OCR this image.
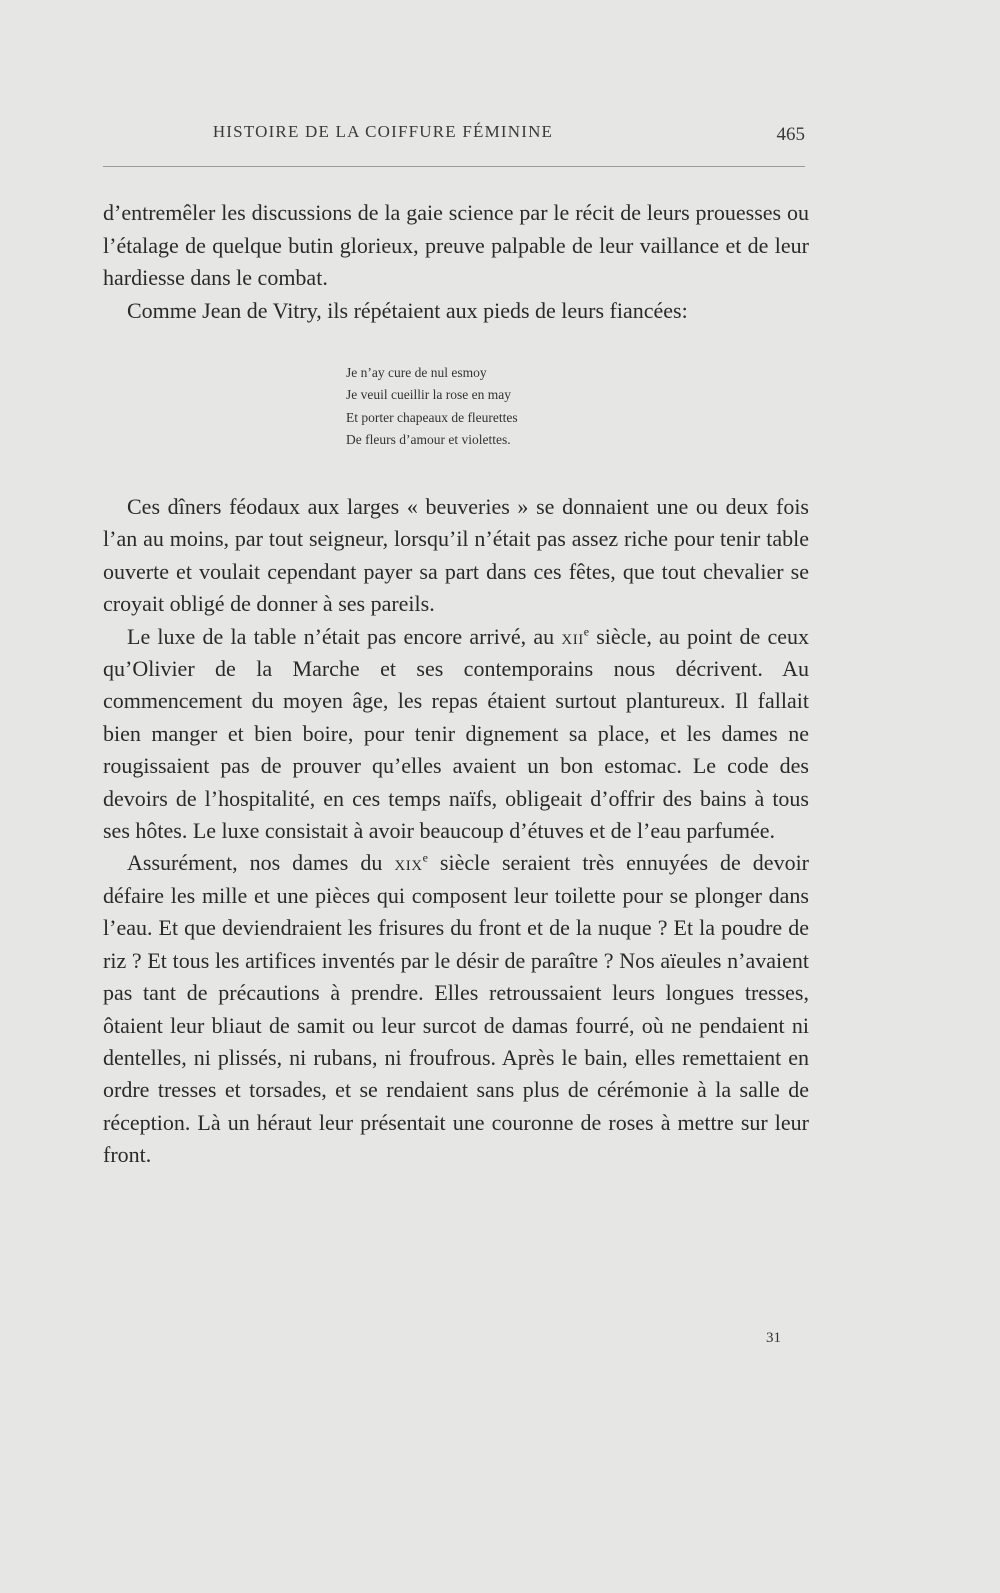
HISTOIRE DE LA COIFFURE FÉMININE	465

d’entremêler les discussions de la gaie science par le récit de leurs prouesses ou l’étalage de quelque butin glorieux, preuve palpable de leur vaillance et de leur hardiesse dans le combat.

Comme Jean de Vitry, ils répétaient aux pieds de leurs fiancées:

Je n’ay cure de nul esmoy
Je veuil cueillir la rose en may
Et porter chapeaux de fleurettes
De fleurs d’amour et violettes.

Ces dîners féodaux aux larges « beuveries » se donnaient une ou deux fois l’an au moins, par tout seigneur, lorsqu’il n’était pas assez riche pour tenir table ouverte et voulait cependant payer sa part dans ces fêtes, que tout chevalier se croyait obligé de donner à ses pareils.

Le luxe de la table n’était pas encore arrivé, au xii$^e$ siècle, au point de ceux qu’Olivier de la Marche et ses contemporains nous décrivent. Au commencement du moyen âge, les repas étaient surtout plantureux. Il fallait bien manger et bien boire, pour tenir dignement sa place, et les dames ne rougissaient pas de prouver qu’elles avaient un bon estomac. Le code des devoirs de l’hospitalité, en ces temps naïfs, obligeait d’offrir des bains à tous ses hôtes. Le luxe consistait à avoir beaucoup d’étuves et de l’eau parfumée.

Assurément, nos dames du xix$^e$ siècle seraient très ennuyées de devoir défaire les mille et une pièces qui composent leur toilette pour se plonger dans l’eau. Et que deviendraient les frisures du front et de la nuque ? Et la poudre de riz ? Et tous les artifices inventés par le désir de paraître ? Nos aïeules n’avaient pas tant de précautions à prendre. Elles retroussaient leurs longues tresses, ôtaient leur bliaut de samit ou leur surcot de damas fourré, où ne pendaient ni dentelles, ni plissés, ni rubans, ni froufrous. Après le bain, elles remettaient en ordre tresses et torsades, et se rendaient sans plus de cérémonie à la salle de réception. Là un héraut leur présentait une couronne de roses à mettre sur leur front.

31
